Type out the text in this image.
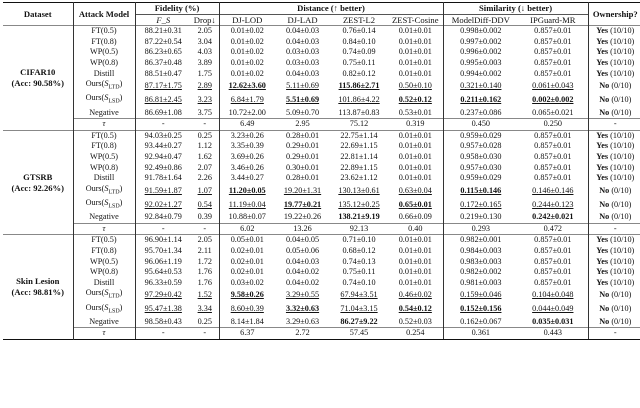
Dataset	Attack Model	Fidelity (%)		Distance (↑ better)				Similarity (↓ better)		Ownership?
		F_S	Drop↓	DJ-LOD	DJ-LAD	ZEST-L2	ZEST-Cosine	ModelDiff-DDV	IPGuard-MR	

CIFAR10
(Acc: 90.58%)	FT(0.5)	88.21±0.31	2.05	0.01±0.02	0.04±0.03	0.76±0.14	0.01±0.01	0.998±0.002	0.857±0.01	Yes (10/10)
	FT(0.8)	87.22±0.54	3.04	0.01±0.02	0.04±0.03	0.84±0.10	0.01±0.01	0.997±0.002	0.857±0.01	Yes (10/10)
	WP(0.5)	86.23±0.65	4.03	0.01±0.02	0.03±0.03	0.74±0.09	0.01±0.01	0.996±0.002	0.857±0.01	Yes (10/10)
	WP(0.8)	86.37±0.48	3.89	0.01±0.02	0.03±0.03	0.75±0.11	0.01±0.01	0.995±0.003	0.857±0.01	Yes (10/10)
	Distill	88.51±0.47	1.75	0.01±0.02	0.04±0.03	0.82±0.12	0.01±0.01	0.994±0.002	0.857±0.01	Yes (10/10)
	$Ours(S_{LTD})$	87.17±1.75	2.89	12.62±3.60	5.11±0.69	115.86±2.71	0.50±0.10	0.321±0.140	0.061±0.043	No (0/10)
	$Ours(S_{LSD})$	86.81±2.45	3.23	6.84±1.79	5.51±0.69	101.86±4.22	0.52±0.12	0.211±0.162	0.002±0.002	No (0/10)
	Negative	86.69±1.08	3.75	10.72±2.00	5.09±0.70	113.87±0.83	0.53±0.01	0.237±0.086	0.065±0.021	No (0/10)
	τ	-	-	6.49	2.95	75.12	0.319	0.450	0.250	-

GTSRB
(Acc: 92.26%)	FT(0.5)	94.03±0.25	0.25	3.23±0.26	0.28±0.01	22.75±1.14	0.01±0.01	0.959±0.029	0.857±0.01	Yes (10/10)
	FT(0.8)	93.44±0.27	1.12	3.35±0.39	0.29±0.01	22.69±1.15	0.01±0.01	0.957±0.028	0.857±0.01	Yes (10/10)
	WP(0.5)	92.94±0.47	1.62	3.69±0.26	0.29±0.01	22.81±1.14	0.01±0.01	0.958±0.030	0.857±0.01	Yes (10/10)
	WP(0.8)	92.49±0.86	2.07	3.46±0.26	0.30±0.01	22.89±1.15	0.01±0.01	0.957±0.030	0.857±0.01	Yes (10/10)
	Distill	91.78±1.64	2.26	3.44±0.27	0.28±0.01	23.62±1.12	0.01±0.01	0.959±0.029	0.857±0.01	Yes (10/10)
	$Ours(S_{LTD})$	91.59±1.87	1.07	11.20±0.05	19.20±1.31	130.13±0.61	0.63±0.04	0.115±0.146	0.146±0.146	No (0/10)
	$Ours(S_{LSD})$	92.02±1.27	0.54	11.19±0.04	19.77±0.21	135.12±0.25	0.65±0.01	0.172±0.165	0.244±0.123	No (0/10)
	Negative	92.84±0.79	0.39	10.88±0.07	19.22±0.26	138.21±9.19	0.66±0.09	0.219±0.130	0.242±0.021	No (0/10)
	τ	-	-	6.02	13.26	92.13	0.40	0.293	0.472	-

Skin Lesion
(Acc: 98.81%)	FT(0.5)	96.90±1.14	2.05	0.05±0.01	0.04±0.05	0.71±0.10	0.01±0.01	0.982±0.001	0.857±0.01	Yes (10/10)
	FT(0.8)	95.70±1.34	2.11	0.02±0.01	0.05±0.06	0.68±0.12	0.01±0.01	0.984±0.003	0.857±0.01	Yes (10/10)
	WP(0.5)	96.06±1.19	1.72	0.02±0.01	0.04±0.03	0.74±0.13	0.01±0.01	0.983±0.003	0.857±0.01	Yes (10/10)
	WP(0.8)	95.64±0.53	1.76	0.02±0.01	0.04±0.02	0.75±0.11	0.01±0.01	0.982±0.002	0.857±0.01	Yes (10/10)
	Distill	96.33±0.59	1.76	0.03±0.02	0.04±0.02	0.74±0.10	0.01±0.01	0.981±0.003	0.857±0.01	Yes (10/10)
	$Ours(S_{LTD})$	97.29±0.42	1.52	9.58±0.26	3.29±0.55	67.94±3.51	0.46±0.02	0.159±0.046	0.104±0.048	No (0/10)
	$Ours(S_{LSD})$	95.47±1.38	3.34	8.60±0.39	3.32±0.63	71.04±3.15	0.54±0.12	0.152±0.156	0.044±0.049	No (0/10)
	Negative	98.58±0.43	0.25	8.14±1.84	3.29±0.63	86.27±9.22	0.52±0.03	0.162±0.067	0.035±0.031	No (0/10)
	τ	-	-	6.37	2.72	57.45	0.254	0.361	0.443	-
